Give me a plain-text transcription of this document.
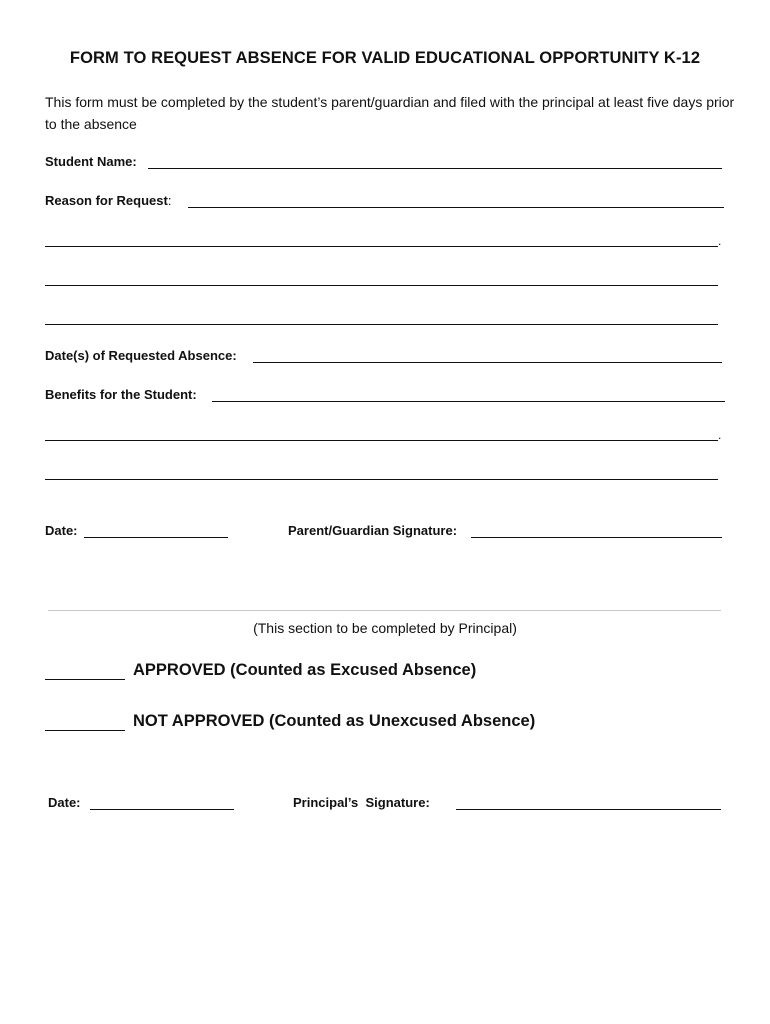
FORM TO REQUEST ABSENCE FOR VALID EDUCATIONAL OPPORTUNITY K-12
This form must be completed by the student’s parent/guardian and filed with the principal at least five days prior to the absence
Student Name:
Reason for Request:
.
Date(s) of Requested Absence:
Benefits for the Student:
.
Date:	Parent/Guardian Signature:
(This section to be completed by Principal)
APPROVED (Counted as Excused Absence)
NOT APPROVED (Counted as Unexcused Absence)
Date:	Principal’s  Signature:
